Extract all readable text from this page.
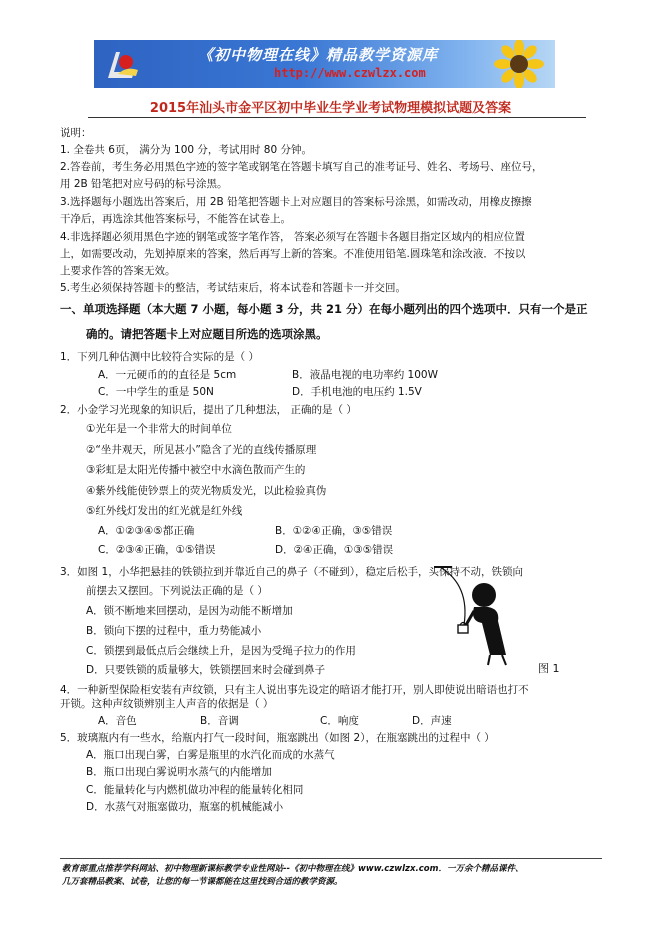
《初中物理在线》精品教学资源库
http://www.czwlzx.com
2015年汕头市金平区初中毕业生学业考试物理模拟试题及答案
说明：
1. 全卷共 6页， 满分为 100 分，考试用时 80 分钟。
2.答卷前，考生务必用黑色字迹的签字笔或钢笔在答题卡填写自己的准考证号、姓名、考场号、座位号，
用 2B 铅笔把对应号码的标号涂黑。
3.选择题每小题选出答案后，用 2B 铅笔把答题卡上对应题目的答案标号涂黑，如需改动，用橡皮擦擦
干净后，再选涂其他答案标号，不能答在试卷上。
4.非选择题必须用黑色字迹的钢笔或签字笔作答， 答案必须写在答题卡各题目指定区域内的相应位置
上，如需要改动，先划掉原来的答案，然后再写上新的答案。不准使用铅笔.圆珠笔和涂改液．不按以
上要求作答的答案无效。
5.考生必须保持答题卡的整洁，考试结束后，将本试卷和答题卡一并交回。
一、单项选择题（本大题 7 小题，每小题 3 分，共 21 分）在每小题列出的四个选项中．只有一个是正
确的。请把答题卡上对应题目所选的选项涂黑。
1．下列几种估测中比较符合实际的是（ ）
A．一元硬币的的直径是 5cm	B．液晶电视的电功率约 100W
C．一中学生的重是 50N	D．手机电池的电压约 1.5V
2．小金学习光现象的知识后，提出了几种想法， 正确的是（ ）
①光年是一个非常大的时间单位
②“坐井观天，所见甚小”隐含了光的直线传播原理
③彩虹是太阳光传播中被空中水滴色散而产生的
④紫外线能使钞票上的荧光物质发光，以此检验真伪
⑤红外线灯发出的红光就是红外线
A．①②③④⑤都正确	B．①②④正确，③⑤错误
C．②③④正确，①⑤错误	D．②④正确，①③⑤错误
3．如图 1，小华把悬挂的铁锁拉到并靠近自己的鼻子（不碰到），稳定后松手，头保持不动，铁锁向
前摆去又摆回。下列说法正确的是（ ）
A．锁不断地来回摆动，是因为动能不断增加
B．锁向下摆的过程中，重力势能减小
C．锁摆到最低点后会继续上升，是因为受绳子拉力的作用
D．只要铁锁的质量够大，铁锁摆回来时会碰到鼻子	图 1
4．一种新型保险柜安装有声纹锁，只有主人说出事先设定的暗语才能打开，别人即使说出暗语也打不
开锁。这种声纹锁辨别主人声音的依据是（ ）
A．音色	B．音调	C．响度	D．声速
5．玻璃瓶内有一些水，给瓶内打气一段时间，瓶塞跳出（如图 2），在瓶塞跳出的过程中（ ）
A．瓶口出现白雾，白雾是瓶里的水汽化而成的水蒸气
B．瓶口出现白雾说明水蒸气的内能增加
C．能量转化与内燃机做功冲程的能量转化相同
D．水蒸气对瓶塞做功，瓶塞的机械能减小
教育部重点推荐学科网站、初中物理新课标教学专业性网站--《初中物理在线》www.czwlzx.com．一万余个精品课件、
几万套精品教案、试卷，让您的每一节课都能在这里找到合适的教学资源。
